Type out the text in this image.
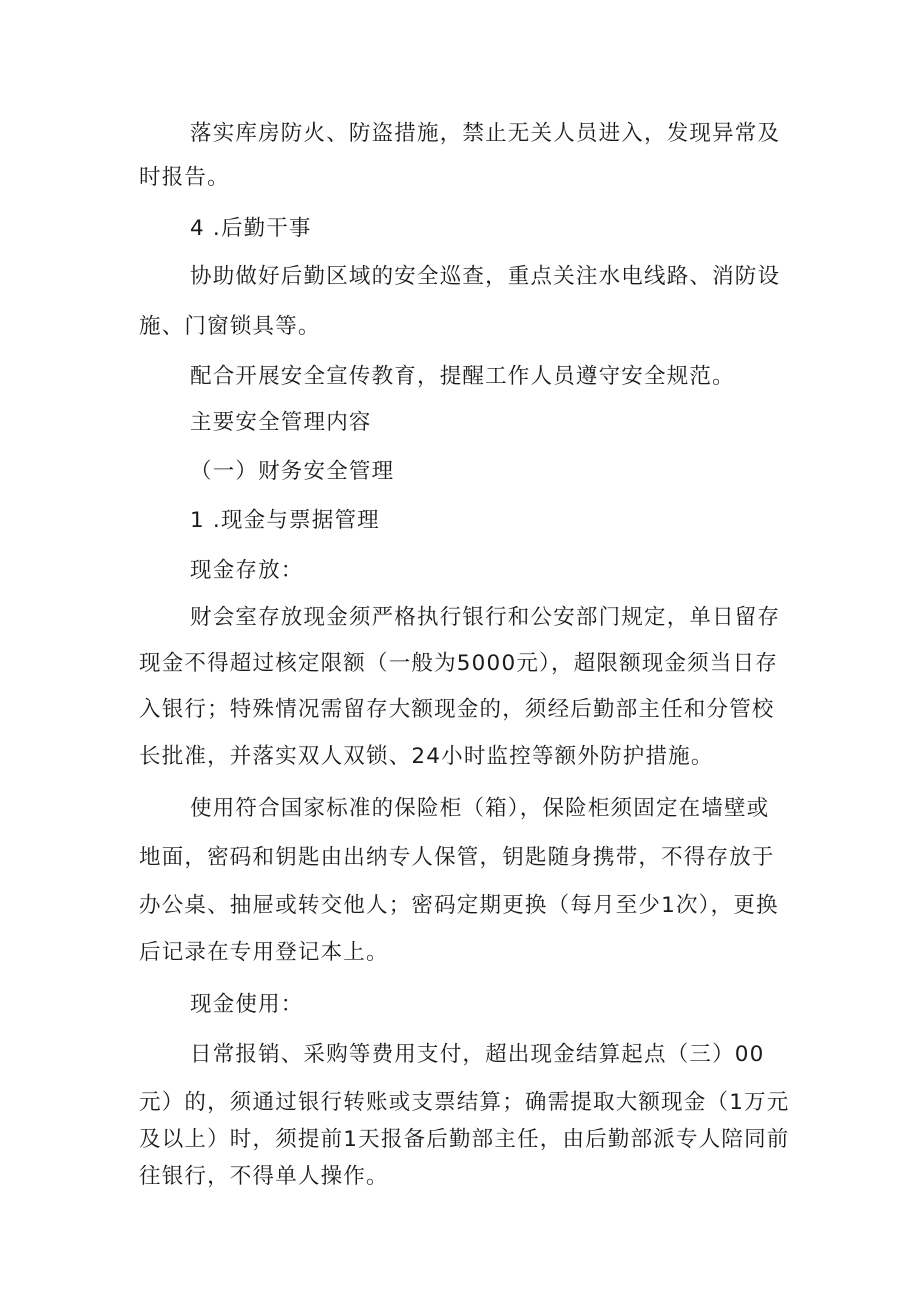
落实库房防火、防盗措施，禁止无关人员进入，发现异常及
时报告。
4 .后勤干事
协助做好后勤区域的安全巡查，重点关注水电线路、消防设
施、门窗锁具等。
配合开展安全宣传教育，提醒工作人员遵守安全规范。
主要安全管理内容
（一）财务安全管理
1 .现金与票据管理
现金存放：
财会室存放现金须严格执行银行和公安部门规定，单日留存
现金不得超过核定限额（一般为5000元），超限额现金须当日存
入银行；特殊情况需留存大额现金的，须经后勤部主任和分管校
长批准，并落实双人双锁、24小时监控等额外防护措施。
使用符合国家标准的保险柜（箱），保险柜须固定在墙壁或
地面，密码和钥匙由出纳专人保管，钥匙随身携带，不得存放于
办公桌、抽屉或转交他人；密码定期更换（每月至少1次），更换
后记录在专用登记本上。
现金使用：
日常报销、采购等费用支付，超出现金结算起点（三）00
元）的，须通过银行转账或支票结算；确需提取大额现金（1万元
及以上）时，须提前1天报备后勤部主任，由后勤部派专人陪同前
往银行，不得单人操作。
